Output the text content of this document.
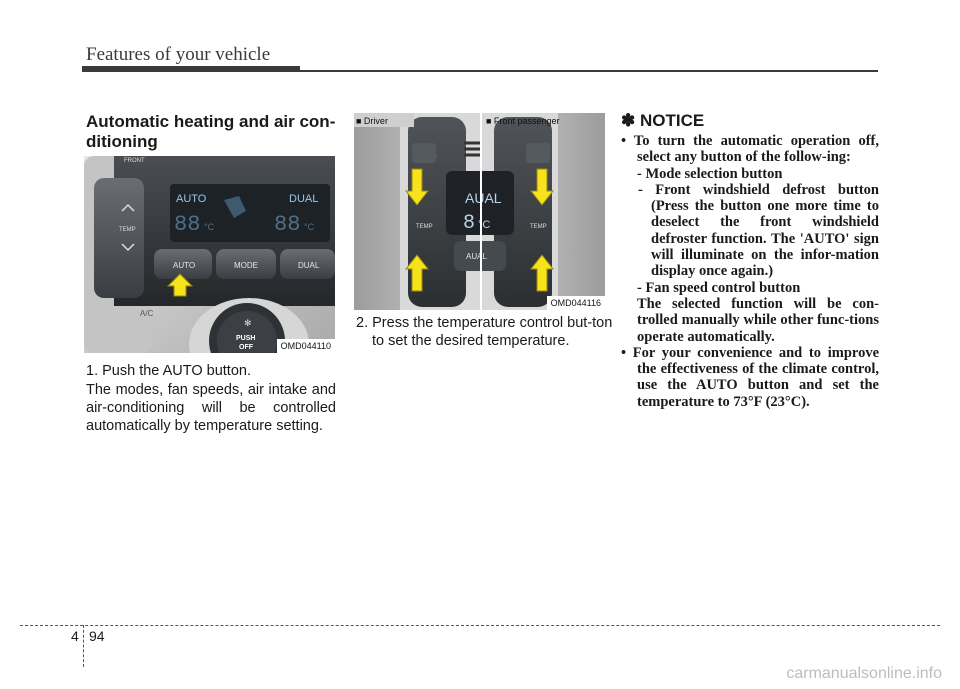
Features of your vehicle
Automatic heating and air con-ditioning
FRONT
TEMP
AUTO	DUAL
88 °C	88 °C
AUTO	MODE	DUAL
A/C
✻
PUSH
OFF	OMD044110
1. Push the AUTO button.
The modes, fan speeds, air intake and air-conditioning will be controlled automatically by temperature setting.
AUAL
8 °C
AUAL
TEMP	TEMP
■ Driver	■ Front passenger
OMD044116
2. Press the temperature control but-ton to set the desired temperature.
✽ NOTICE
• To turn the automatic operation off, select any button of the follow-ing:
- Mode selection button
- Front windshield defrost button (Press the button one more time to deselect the front windshield defroster function. The 'AUTO' sign will illuminate on the infor-mation display once again.)
- Fan speed control button
The selected function will be con-trolled manually while other func-tions operate automatically.
• For your convenience and to improve the effectiveness of the climate control, use the AUTO button and set the temperature to 73°F (23°C).
4 94
carmanualsonline.info
